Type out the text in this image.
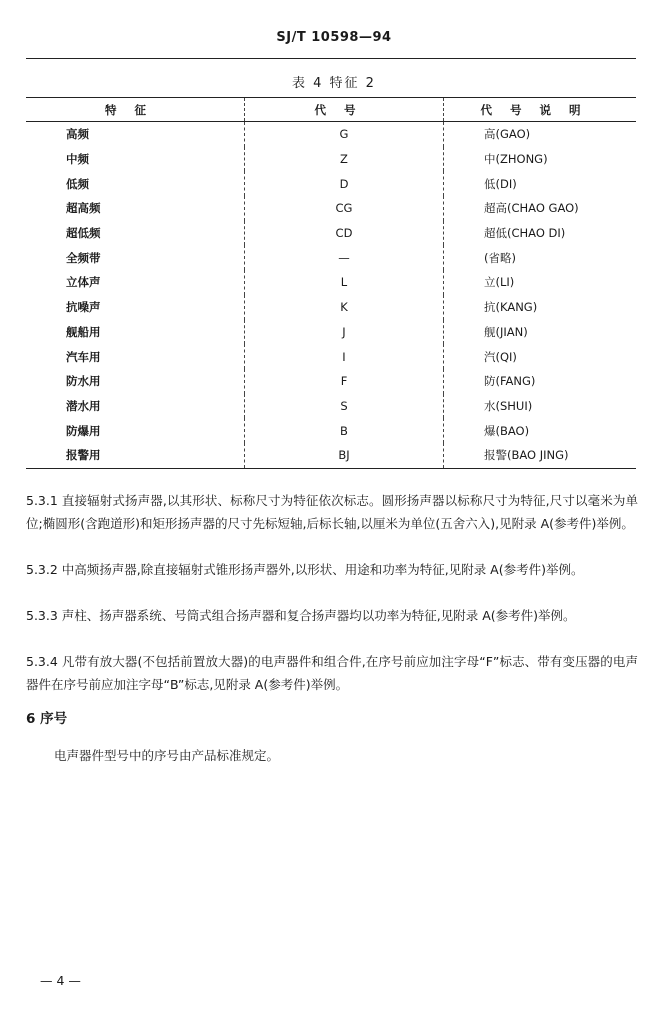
SJ/T 10598—94
表 4 特征 2
特征	代号	代号说明
高频	G	高(GAO)
中频	Z	中(ZHONG)
低频	D	低(DI)
超高频	CG	超高(CHAO GAO)
超低频	CD	超低(CHAO DI)
全频带	—	(省略)
立体声	L	立(LI)
抗噪声	K	抗(KANG)
舰船用	J	舰(JIAN)
汽车用	I	汽(QI)
防水用	F	防(FANG)
潜水用	S	水(SHUI)
防爆用	B	爆(BAO)
报警用	BJ	报警(BAO JING)
5.3.1 直接辐射式扬声器,以其形状、标称尺寸为特征依次标志。圆形扬声器以标称尺寸为特征,尺寸以毫米为单位;椭圆形(含跑道形)和矩形扬声器的尺寸先标短轴,后标长轴,以厘米为单位(五舍六入),见附录 A(参考件)举例。
5.3.2 中高频扬声器,除直接辐射式锥形扬声器外,以形状、用途和功率为特征,见附录 A(参考件)举例。
5.3.3 声柱、扬声器系统、号筒式组合扬声器和复合扬声器均以功率为特征,见附录 A(参考件)举例。
5.3.4 凡带有放大器(不包括前置放大器)的电声器件和组合件,在序号前应加注字母“F”标志、带有变压器的电声器件在序号前应加注字母“B”标志,见附录 A(参考件)举例。
6 序号
电声器件型号中的序号由产品标准规定。
— 4 —
